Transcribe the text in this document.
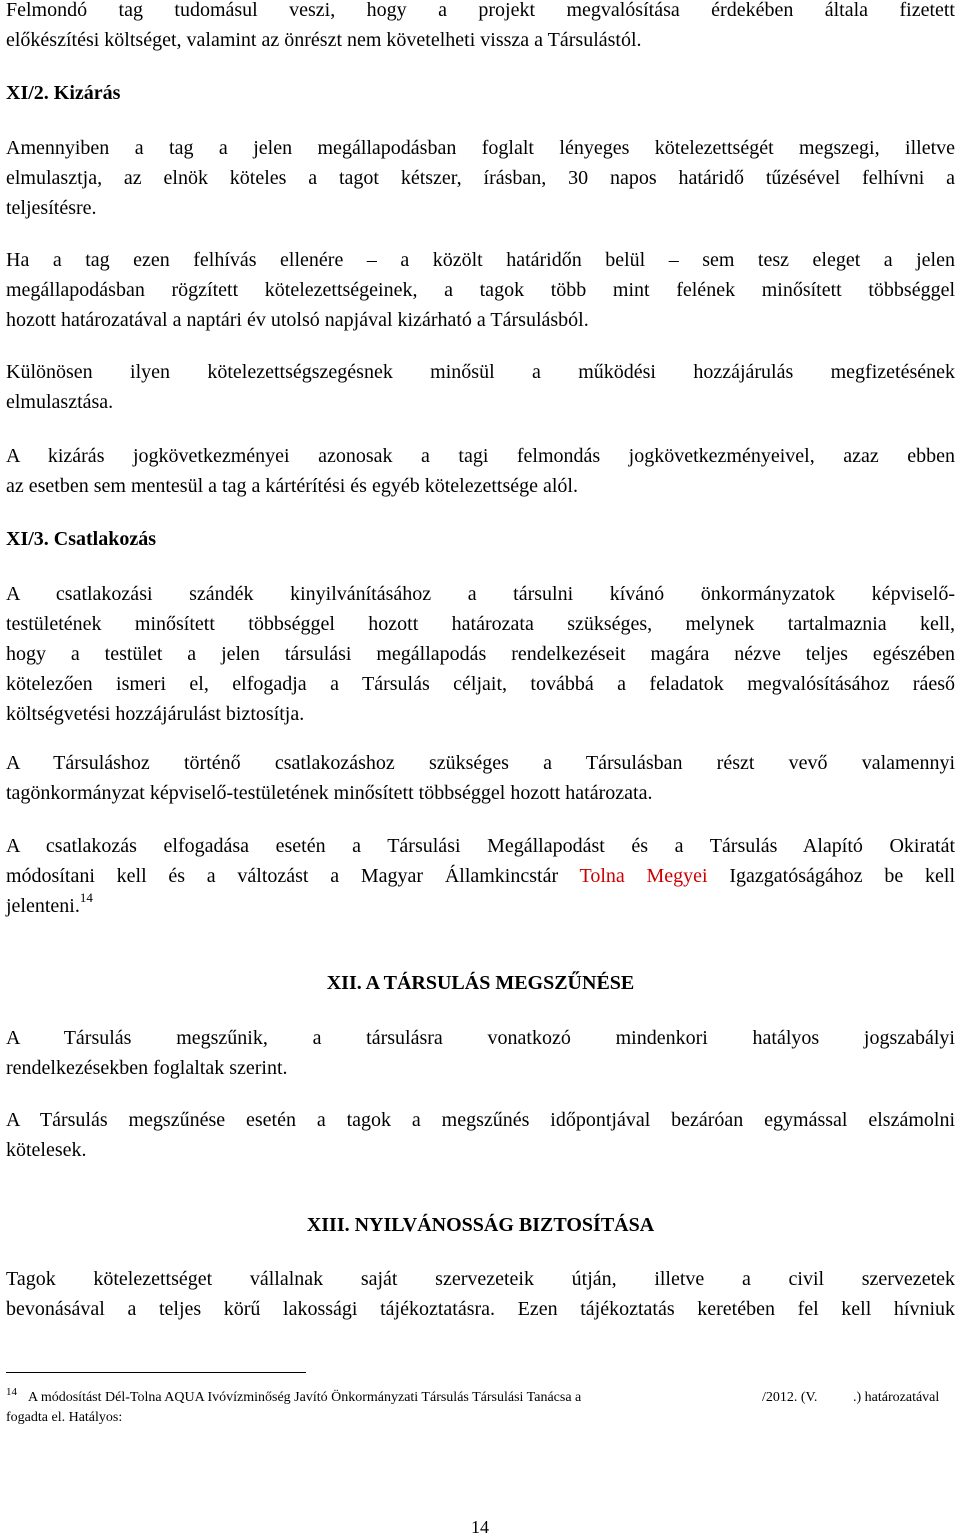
Felmondó tag tudomásul veszi, hogy a projekt megvalósítása érdekében általa fizetett
előkészítési költséget, valamint az önrészt nem követelheti vissza a Társulástól.

XI/2. Kizárás

Amennyiben a tag a jelen megállapodásban foglalt lényeges kötelezettségét megszegi, illetve
elmulasztja, az elnök köteles a tagot kétszer, írásban, 30 napos határidő tűzésével felhívni a
teljesítésre.

Ha a tag ezen felhívás ellenére – a közölt határidőn belül – sem tesz eleget a jelen
megállapodásban rögzített kötelezettségeinek, a tagok több mint felének minősített többséggel
hozott határozatával a naptári év utolsó napjával kizárható a Társulásból.

Különösen ilyen kötelezettségszegésnek minősül a működési hozzájárulás megfizetésének
elmulasztása.

A kizárás jogkövetkezményei azonosak a tagi felmondás jogkövetkezményeivel, azaz ebben
az esetben sem mentesül a tag a kártérítési és egyéb kötelezettsége alól.

XI/3. Csatlakozás

A csatlakozási szándék kinyilvánításához a társulni kívánó önkormányzatok képviselő-
testületének minősített többséggel hozott határozata szükséges, melynek tartalmaznia kell,
hogy a testület a jelen társulási megállapodás rendelkezéseit magára nézve teljes egészében
kötelezően ismeri el, elfogadja a Társulás céljait, továbbá a feladatok megvalósításához ráeső
költségvetési hozzájárulást biztosítja.

A Társuláshoz történő csatlakozáshoz szükséges a Társulásban részt vevő valamennyi
tagönkormányzat képviselő-testületének minősített többséggel hozott határozata.

A csatlakozás elfogadása esetén a Társulási Megállapodást és a Társulás Alapító Okiratát
módosítani kell és a változást a Magyar Államkincstár Tolna Megyei Igazgatóságához be kell
jelenteni.$^{14}$

XII. A TÁRSULÁS MEGSZŰNÉSE

A Társulás megszűnik, a társulásra vonatkozó mindenkori hatályos jogszabályi
rendelkezésekben foglaltak szerint.

A Társulás megszűnése esetén a tagok a megszűnés időpontjával bezáróan egymással elszámolni
kötelesek.

XIII. NYILVÁNOSSÁG BIZTOSÍTÁSA

Tagok kötelezettséget vállalnak saját szervezeteik útján, illetve a civil szervezetek
bevonásával a teljes körű lakossági tájékoztatásra. Ezen tájékoztatás keretében fel kell hívniuk

14 A módosítást Dél-Tolna AQUA Ivóvízminőség Javító Önkormányzati Társulás Társulási Tanácsa a	/2012. (V.	.) határozatával
fogadta el. Hatályos:
14
